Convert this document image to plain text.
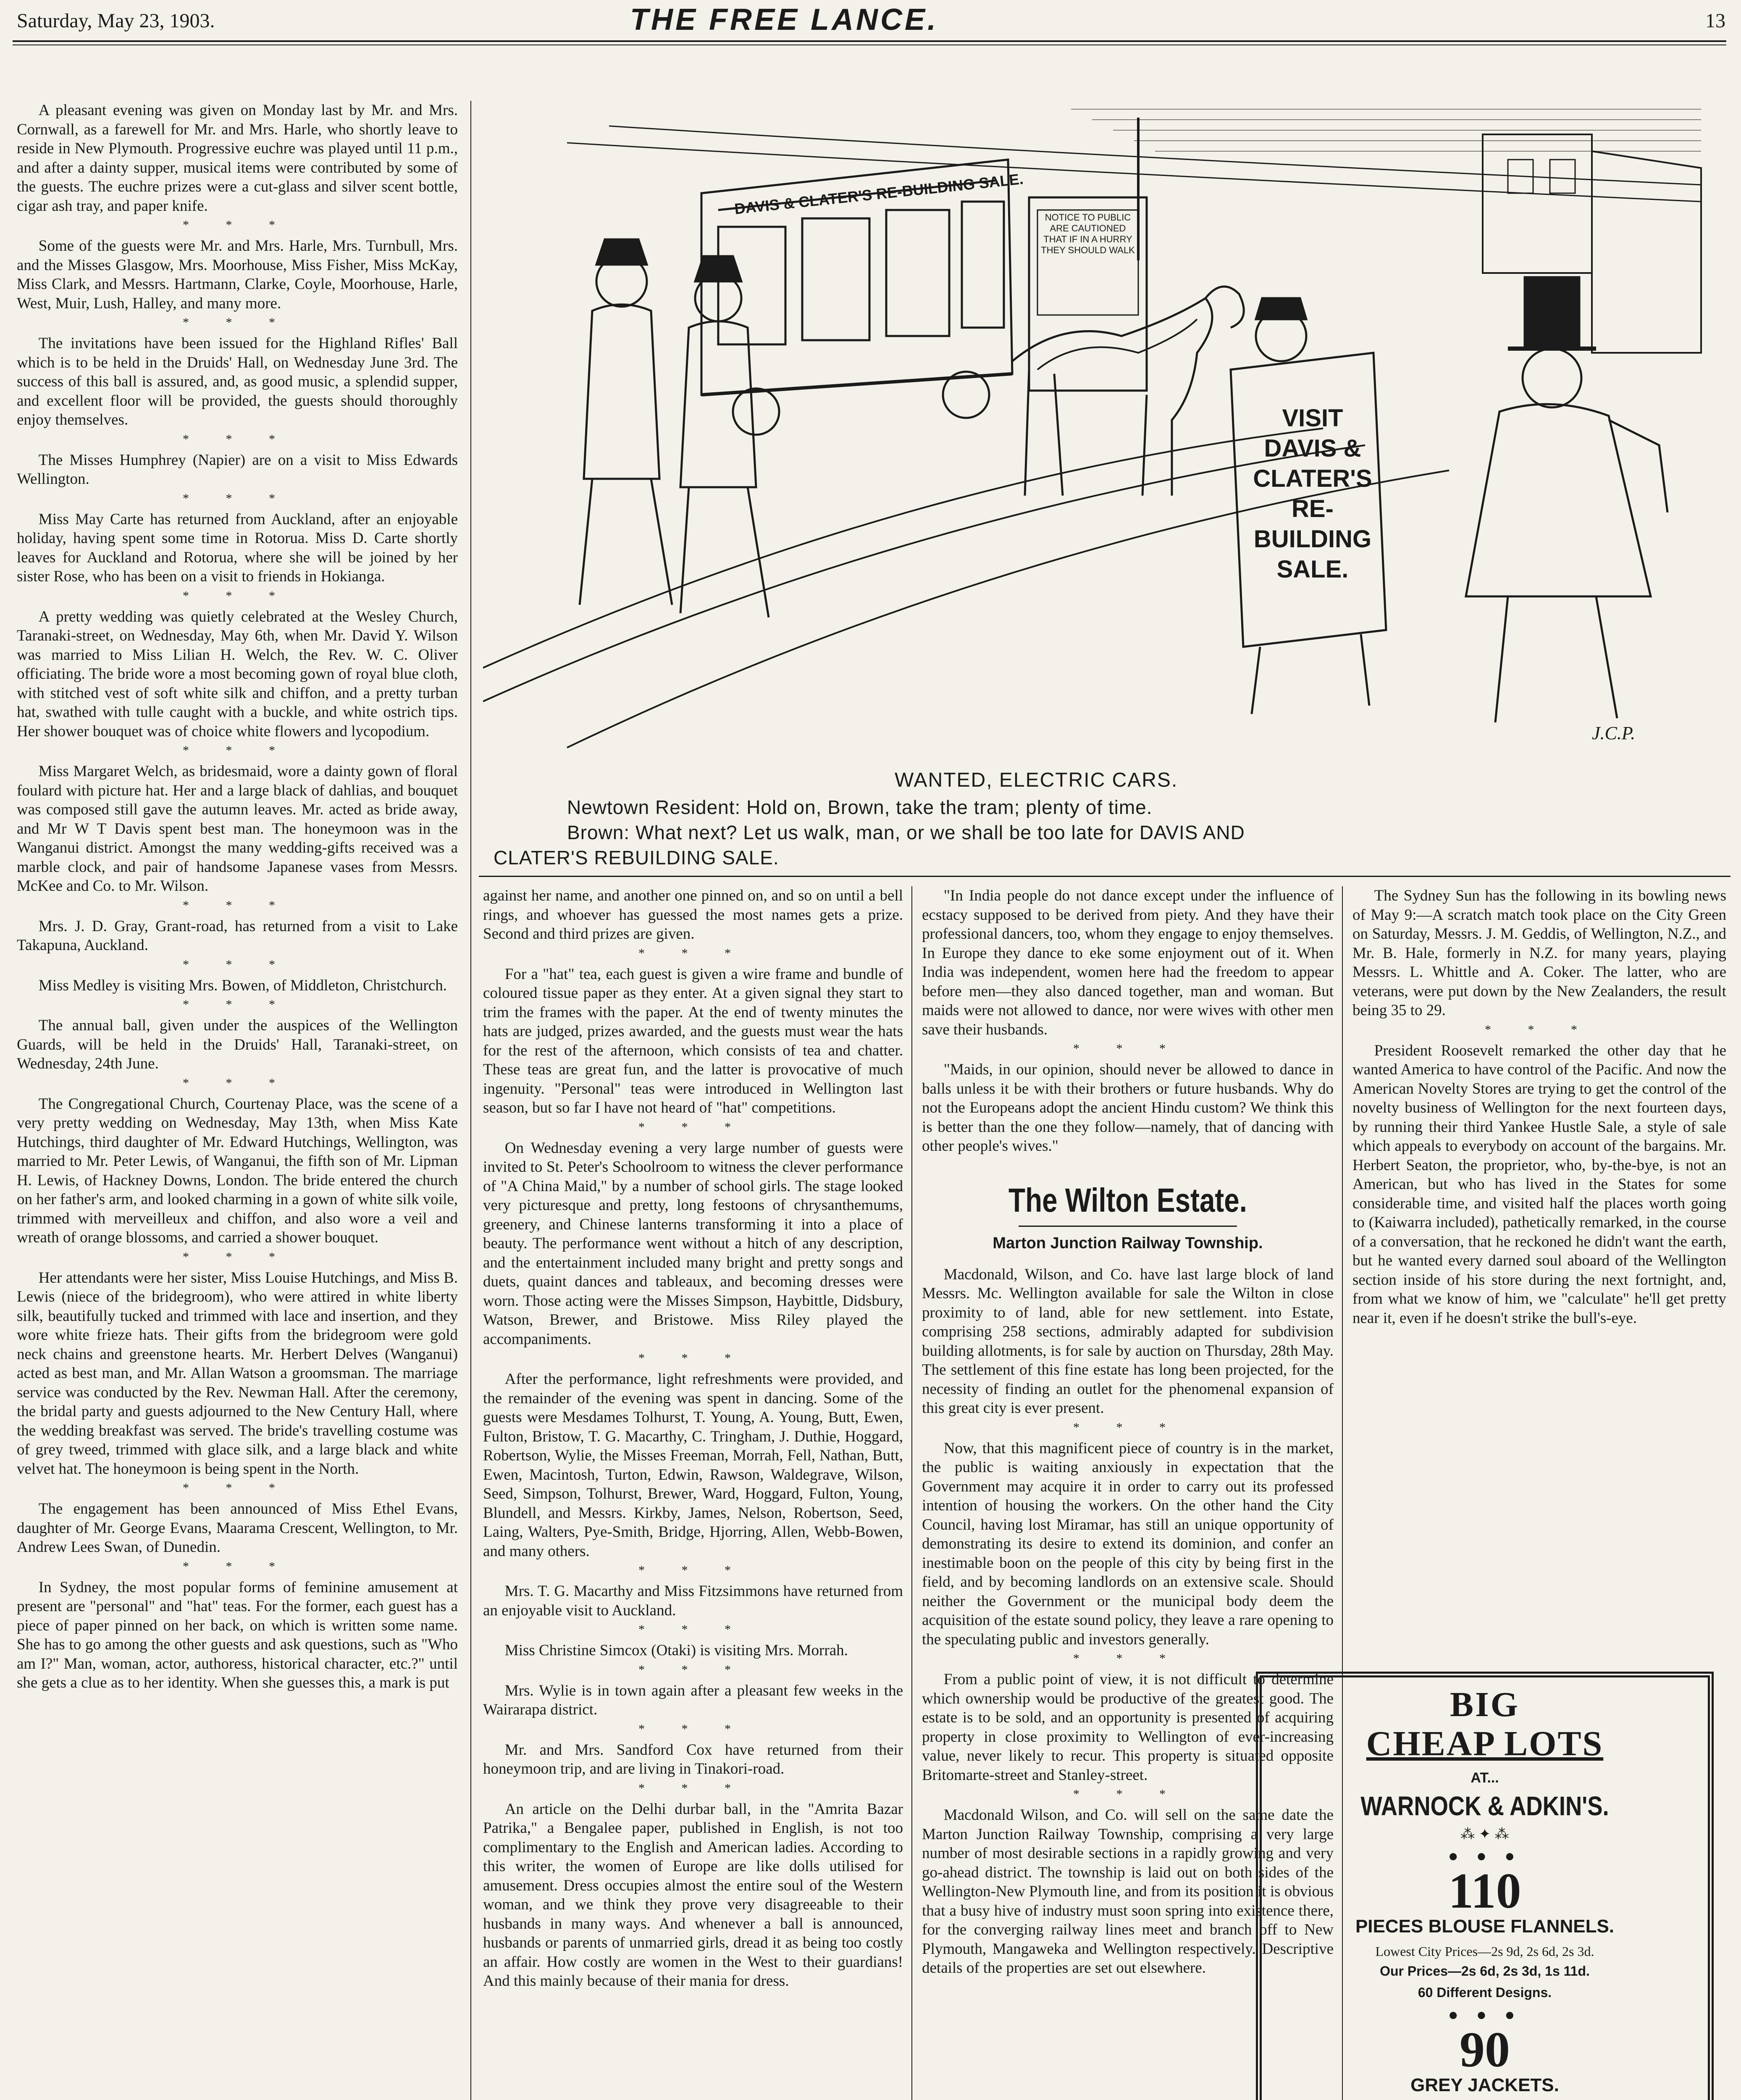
Saturday, May 23, 1903.	THE FREE LANCE.	13

A pleasant evening was given on Monday last by Mr. and Mrs. Cornwall, as a farewell for Mr. and Mrs. Harle, who shortly leave to reside in New Plymouth. Progressive euchre was played until 11 p.m., and after a dainty supper, musical items were contributed by some of the guests. The euchre prizes were a cut-glass and silver scent bottle, cigar ash tray, and paper knife.

* * *

Some of the guests were Mr. and Mrs. Harle, Mrs. Turnbull, Mrs. and the Misses Glasgow, Mrs. Moorhouse, Miss Fisher, Miss McKay, Miss Clark, and Messrs. Hartmann, Clarke, Coyle, Moorhouse, Harle, West, Muir, Lush, Halley, and many more.

* * *

The invitations have been issued for the Highland Rifles' Ball which is to be held in the Druids' Hall, on Wednesday June 3rd. The success of this ball is assured, and, as good music, a splendid supper, and excellent floor will be provided, the guests should thoroughly enjoy themselves.

* * *

The Misses Humphrey (Napier) are on a visit to Miss Edwards Wellington.

* * *

Miss May Carte has returned from Auckland, after an enjoyable holiday, having spent some time in Rotorua. Miss D. Carte shortly leaves for Auckland and Rotorua, where she will be joined by her sister Rose, who has been on a visit to friends in Hokianga.

* * *

A pretty wedding was quietly celebrated at the Wesley Church, Taranaki-street, on Wednesday, May 6th, when Mr. David Y. Wilson was married to Miss Lilian H. Welch, the Rev. W. C. Oliver officiating. The bride wore a most becoming gown of royal blue cloth, with stitched vest of soft white silk and chiffon, and a pretty turban hat, swathed with tulle caught with a buckle, and white ostrich tips. Her shower bouquet was of choice white flowers and lycopodium.

* * *

Miss Margaret Welch, as bridesmaid, wore a dainty gown of floral foulard with picture hat. Her and a large black of dahlias, and bouquet was composed still gave the autumn leaves. Mr. acted as bride away, and Mr W T Davis spent best man. The honeymoon was in the Wanganui district. Amongst the many wedding-gifts received was a marble clock, and pair of handsome Japanese vases from Messrs. McKee and Co. to Mr. Wilson.

* * *

Mrs. J. D. Gray, Grant-road, has returned from a visit to Lake Takapuna, Auckland.

* * *

Miss Medley is visiting Mrs. Bowen, of Middleton, Christchurch.

* * *

The annual ball, given under the auspices of the Wellington Guards, will be held in the Druids' Hall, Taranaki-street, on Wednesday, 24th June.

* * *

The Congregational Church, Courtenay Place, was the scene of a very pretty wedding on Wednesday, May 13th, when Miss Kate Hutchings, third daughter of Mr. Edward Hutchings, Wellington, was married to Mr. Peter Lewis, of Wanganui, the fifth son of Mr. Lipman H. Lewis, of Hackney Downs, London. The bride entered the church on her father's arm, and looked charming in a gown of white silk voile, trimmed with merveilleux and chiffon, and also wore a veil and wreath of orange blossoms, and carried a shower bouquet.

* * *

Her attendants were her sister, Miss Louise Hutchings, and Miss B. Lewis (niece of the bridegroom), who were attired in white liberty silk, beautifully tucked and trimmed with lace and insertion, and they wore white frieze hats. Their gifts from the bridegroom were gold neck chains and greenstone hearts. Mr. Herbert Delves (Wanganui) acted as best man, and Mr. Allan Watson a groomsman. The marriage service was conducted by the Rev. Newman Hall. After the ceremony, the bridal party and guests adjourned to the New Century Hall, where the wedding breakfast was served. The bride's travelling costume was of grey tweed, trimmed with glace silk, and a large black and white velvet hat. The honeymoon is being spent in the North.

* * *

The engagement has been announced of Miss Ethel Evans, daughter of Mr. George Evans, Maarama Crescent, Wellington, to Mr. Andrew Lees Swan, of Dunedin.

* * *

In Sydney, the most popular forms of feminine amusement at present are "personal" and "hat" teas. For the former, each guest has a piece of paper pinned on her back, on which is written some name. She has to go among the other guests and ask questions, such as "Who am I?" Man, woman, actor, authoress, historical character, etc.?" until she gets a clue as to her identity. When she guesses this, a mark is put

DAVIS & CLATER'S RE-BUILDING SALE.	NOTICE TO PUBLIC ARE CAUTIONED THAT IF IN A HURRY THEY SHOULD WALK
VISIT DAVIS & CLATER'S RE-BUILDING SALE.
J.C.P.
WANTED, ELECTRIC CARS.
Newtown Resident: Hold on, Brown, take the tram; plenty of time.
Brown: What next? Let us walk, man, or we shall be too late for DAVIS AND
CLATER'S REBUILDING SALE.

against her name, and another one pinned on, and so on until a bell rings, and whoever has guessed the most names gets a prize. Second and third prizes are given.

* * *

For a "hat" tea, each guest is given a wire frame and bundle of coloured tissue paper as they enter. At a given signal they start to trim the frames with the paper. At the end of twenty minutes the hats are judged, prizes awarded, and the guests must wear the hats for the rest of the afternoon, which consists of tea and chatter. These teas are great fun, and the latter is provocative of much ingenuity. "Personal" teas were introduced in Wellington last season, but so far I have not heard of "hat" competitions.

* * *

On Wednesday evening a very large number of guests were invited to St. Peter's Schoolroom to witness the clever performance of "A China Maid," by a number of school girls. The stage looked very picturesque and pretty, long festoons of chrysanthemums, greenery, and Chinese lanterns transforming it into a place of beauty. The performance went without a hitch of any description, and the entertainment included many bright and pretty songs and duets, quaint dances and tableaux, and becoming dresses were worn. Those acting were the Misses Simpson, Haybittle, Didsbury, Watson, Brewer, and Bristowe. Miss Riley played the accompaniments.

* * *

After the performance, light refreshments were provided, and the remainder of the evening was spent in dancing. Some of the guests were Mesdames Tolhurst, T. Young, A. Young, Butt, Ewen, Fulton, Bristow, T. G. Macarthy, C. Tringham, J. Duthie, Hoggard, Robertson, Wylie, the Misses Freeman, Morrah, Fell, Nathan, Butt, Ewen, Macintosh, Turton, Edwin, Rawson, Waldegrave, Wilson, Seed, Simpson, Tolhurst, Brewer, Ward, Hoggard, Fulton, Young, Blundell, and Messrs. Kirkby, James, Nelson, Robertson, Seed, Laing, Walters, Pye-Smith, Bridge, Hjorring, Allen, Webb-Bowen, and many others.

* * *

Mrs. T. G. Macarthy and Miss Fitzsimmons have returned from an enjoyable visit to Auckland.

* * *

Miss Christine Simcox (Otaki) is visiting Mrs. Morrah.

* * *

Mrs. Wylie is in town again after a pleasant few weeks in the Wairarapa district.

* * *

Mr. and Mrs. Sandford Cox have returned from their honeymoon trip, and are living in Tinakori-road.

* * *

An article on the Delhi durbar ball, in the "Amrita Bazar Patrika," a Bengalee paper, published in English, is not too complimentary to the English and American ladies. According to this writer, the women of Europe are like dolls utilised for amusement. Dress occupies almost the entire soul of the Western woman, and we think they prove very disagreeable to their husbands in many ways. And whenever a ball is announced, husbands or parents of unmarried girls, dread it as being too costly an affair. How costly are women in the West to their guardians! And this mainly because of their mania for dress.

"In India people do not dance except under the influence of ecstacy supposed to be derived from piety. And they have their professional dancers, too, whom they engage to enjoy themselves. In Europe they dance to eke some enjoyment out of it. When India was independent, women here had the freedom to appear before men—they also danced together, man and woman. But maids were not allowed to dance, nor were wives with other men save their husbands.

* * *

"Maids, in our opinion, should never be allowed to dance in balls unless it be with their brothers or future husbands. Why do not the Europeans adopt the ancient Hindu custom? We think this is better than the one they follow—namely, that of dancing with other people's wives."

The Wilton Estate.
Marton Junction Railway Township.

Macdonald, Wilson, and Co. have last large block of land Messrs. Mc. Wellington available for sale the Wilton in close proximity to of land, able for new settlement. into Estate, comprising 258 sections, admirably adapted for subdivision building allotments, is for sale by auction on Thursday, 28th May. The settlement of this fine estate has long been projected, for the necessity of finding an outlet for the phenomenal expansion of this great city is ever present.

* * *

Now, that this magnificent piece of country is in the market, the public is waiting anxiously in expectation that the Government may acquire it in order to carry out its professed intention of housing the workers. On the other hand the City Council, having lost Miramar, has still an unique opportunity of demonstrating its desire to extend its dominion, and confer an inestimable boon on the people of this city by being first in the field, and by becoming landlords on an extensive scale. Should neither the Government or the municipal body deem the acquisition of the estate sound policy, they leave a rare opening to the speculating public and investors generally.

* * *

From a public point of view, it is not difficult to determine which ownership would be productive of the greatest good. The estate is to be sold, and an opportunity is presented of acquiring property in close proximity to Wellington of ever-increasing value, never likely to recur. This property is situated opposite Britomarte-street and Stanley-street.

* * *

Macdonald Wilson, and Co. will sell on the same date the Marton Junction Railway Township, comprising a very large number of most desirable sections in a rapidly growing and very go-ahead district. The township is laid out on both sides of the Wellington-New Plymouth line, and from its position it is obvious that a busy hive of industry must soon spring into existence there, for the converging railway lines meet and branch off to New Plymouth, Mangaweka and Wellington respectively. Descriptive details of the properties are set out elsewhere.

The Sydney Sun has the following in its bowling news of May 9:—A scratch match took place on the City Green on Saturday, Messrs. J. M. Geddis, of Wellington, N.Z., and Mr. B. Hale, formerly in N.Z. for many years, playing Messrs. L. Whittle and A. Coker. The latter, who are veterans, were put down by the New Zealanders, the result being 35 to 29.

* * *

President Roosevelt remarked the other day that he wanted America to have control of the Pacific. And now the American Novelty Stores are trying to get the control of the novelty business of Wellington for the next fourteen days, by running their third Yankee Hustle Sale, a style of sale which appeals to everybody on account of the bargains. Mr. Herbert Seaton, the proprietor, who, by-the-bye, is not an American, but who has lived in the States for some considerable time, and visited half the places worth going to (Kaiwarra included), pathetically remarked, in the course of a conversation, that he reckoned he didn't want the earth, but he wanted every darned soul aboard of the Wellington section inside of his store during the next fortnight, and, from what we know of him, we "calculate" he'll get pretty near it, even if he doesn't strike the bull's-eye.

BIG
CHEAP LOTS
AT...
WARNOCK & ADKIN'S.
⁂ ✦ ⁂
● ● ●
110
PIECES BLOUSE FLANNELS.
Lowest City Prices—2s 9d, 2s 6d, 2s 3d.
Our Prices—2s 6d, 2s 3d, 1s 11d.
60 Different Designs.
● ● ●
90
GREY JACKETS.
